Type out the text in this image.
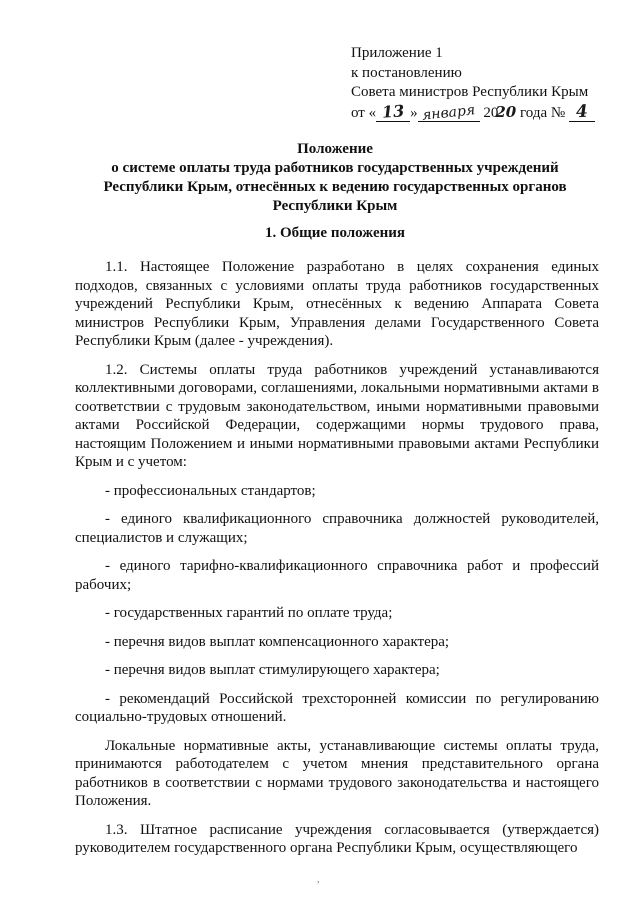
Приложение 1
к постановлению
Совета министров Республики Крым
от « 13 » января 2020 года № 4
Положение
о системе оплаты труда работников государственных учреждений
Республики Крым, отнесённых к ведению государственных органов
Республики Крым
1. Общие положения

1.1. Настоящее Положение разработано в целях сохранения единых подходов, связанных с условиями оплаты труда работников государственных учреждений Республики Крым, отнесённых к ведению Аппарата Совета министров Республики Крым, Управления делами Государственного Совета Республики Крым (далее - учреждения).

1.2. Системы оплаты труда работников учреждений устанавливаются коллективными договорами, соглашениями, локальными нормативными актами в соответствии с трудовым законодательством, иными нормативными правовыми актами Российской Федерации, содержащими нормы трудового права, настоящим Положением и иными нормативными правовыми актами Республики Крым и с учетом:

- профессиональных стандартов;

- единого квалификационного справочника должностей руководителей, специалистов и служащих;

- единого тарифно-квалификационного справочника работ и профессий рабочих;

- государственных гарантий по оплате труда;

- перечня видов выплат компенсационного характера;

- перечня видов выплат стимулирующего характера;

- рекомендаций Российской трехсторонней комиссии по регулированию социально-трудовых отношений.

Локальные нормативные акты, устанавливающие системы оплаты труда, принимаются работодателем с учетом мнения представительного органа работников в соответствии с нормами трудового законодательства и настоящего Положения.

1.3. Штатное расписание учреждения согласовывается (утверждается) руководителем государственного органа Республики Крым, осуществляющего

,
